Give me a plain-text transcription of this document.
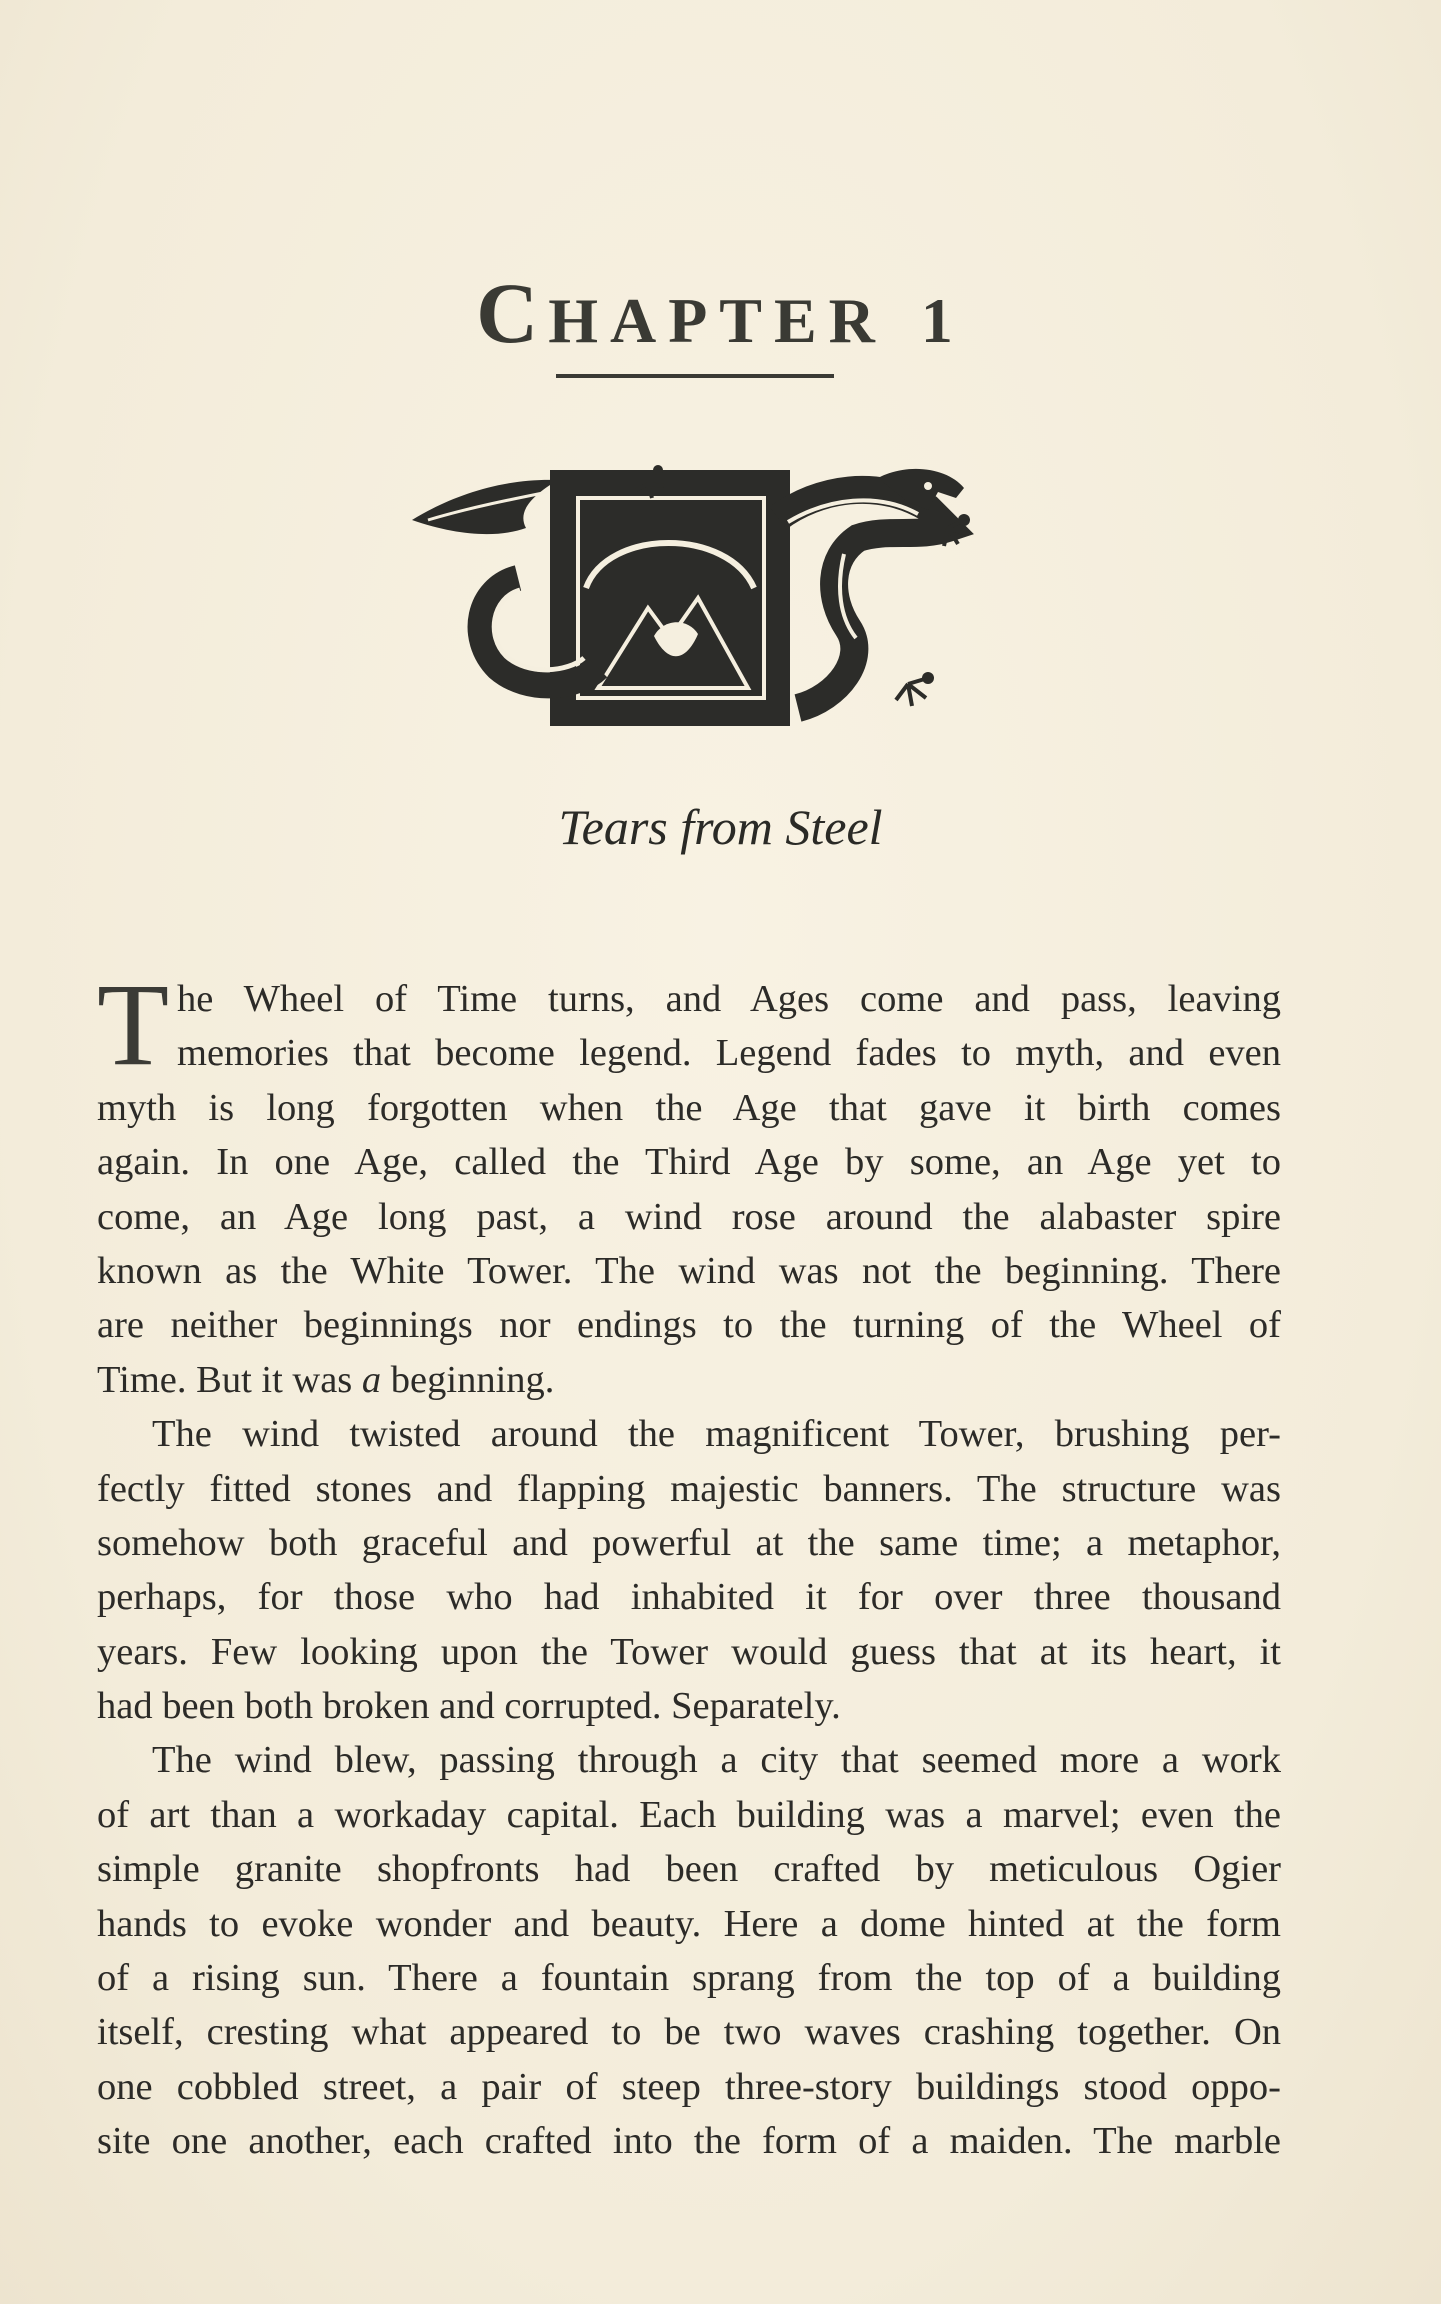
CHAPTER 1
Tears from Steel
T he Wheel of Time turns, and Ages come and pass, leaving
memories that become legend. Legend fades to myth, and even
myth is long forgotten when the Age that gave it birth comes
again. In one Age, called the Third Age by some, an Age yet to
come, an Age long past, a wind rose around the alabaster spire
known as the White Tower. The wind was not the beginning. There
are neither beginnings nor endings to the turning of the Wheel of
Time. But it was a beginning.
The wind twisted around the magnificent Tower, brushing per-
fectly fitted stones and flapping majestic banners. The structure was
somehow both graceful and powerful at the same time; a metaphor,
perhaps, for those who had inhabited it for over three thousand
years. Few looking upon the Tower would guess that at its heart, it
had been both broken and corrupted. Separately.
The wind blew, passing through a city that seemed more a work
of art than a workaday capital. Each building was a marvel; even the
simple granite shopfronts had been crafted by meticulous Ogier
hands to evoke wonder and beauty. Here a dome hinted at the form
of a rising sun. There a fountain sprang from the top of a building
itself, cresting what appeared to be two waves crashing together. On
one cobbled street, a pair of steep three-story buildings stood oppo-
site one another, each crafted into the form of a maiden. The marble
